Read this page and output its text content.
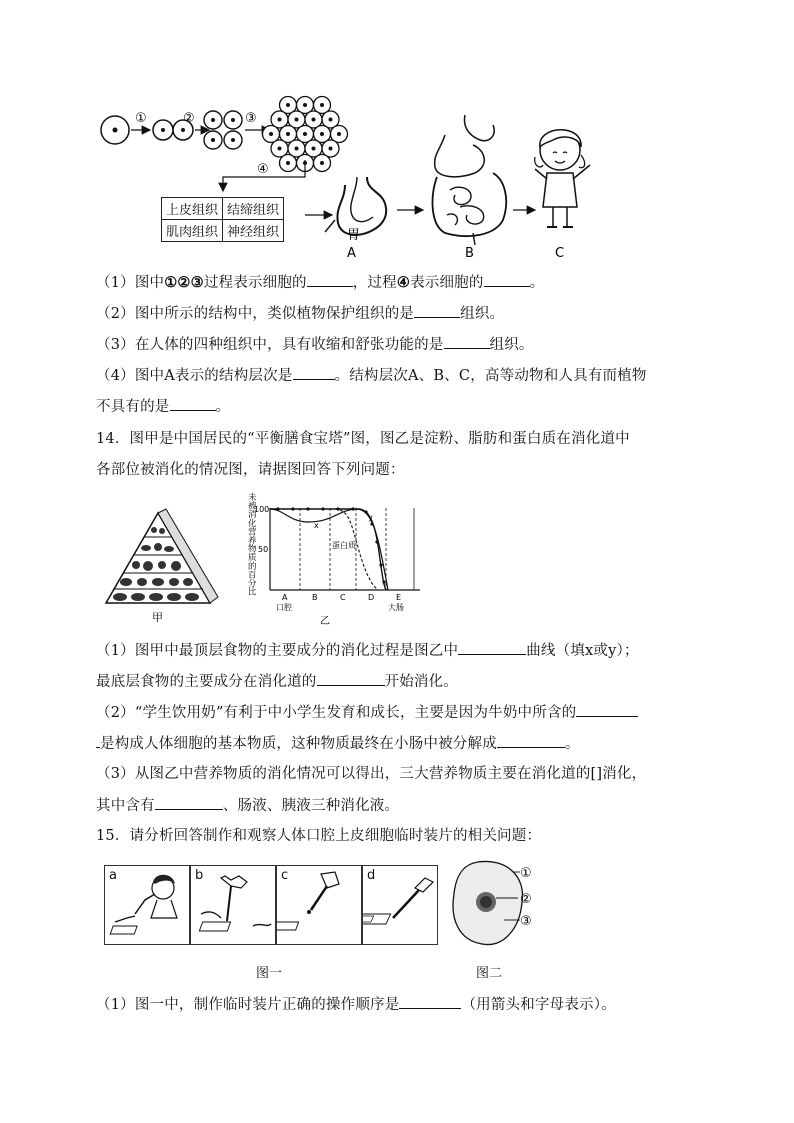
①	②	③
④
胃
A	B	C
上皮组织	结缔组织
肌肉组织	神经组织
（1）图中①②③过程表示细胞的	，过程④表示细胞的	。
（2）图中所示的结构中，类似植物保护组织的是	组织。
（3）在人体的四种组织中，具有收缩和舒张功能的是	组织。
（4）图中A表示的结构层次是	。结构层次A、B、C，高等动物和人具有而植物
不具有的是	。
14．图甲是中国居民的“平衡膳食宝塔”图，图乙是淀粉、脂肪和蛋白质在消化道中
各部位被消化的情况图，请据图回答下列问题：
甲
未被消化营养物质的百分比
100
50
x
y
蛋白质
A	B	C	D	E
口腔	大肠
乙
（1）图甲中最顶层食物的主要成分的消化过程是图乙中	曲线（填x或y）；
最底层食物的主要成分在消化道的	开始消化。
（2）“学生饮用奶”有利于中小学生发育和成长，主要是因为牛奶中所含的
是构成人体细胞的基本物质，这种物质最终在小肠中被分解成	。
（3）从图乙中营养物质的消化情况可以得出，三大营养物质主要在消化道的[]消化，
其中含有	、肠液、胰液三种消化液。
15．请分析回答制作和观察人体口腔上皮细胞临时装片的相关问题：
a	b	c	d
图一
①
②
③
图二
（1）图一中，制作临时装片正确的操作顺序是	（用箭头和字母表示）。
